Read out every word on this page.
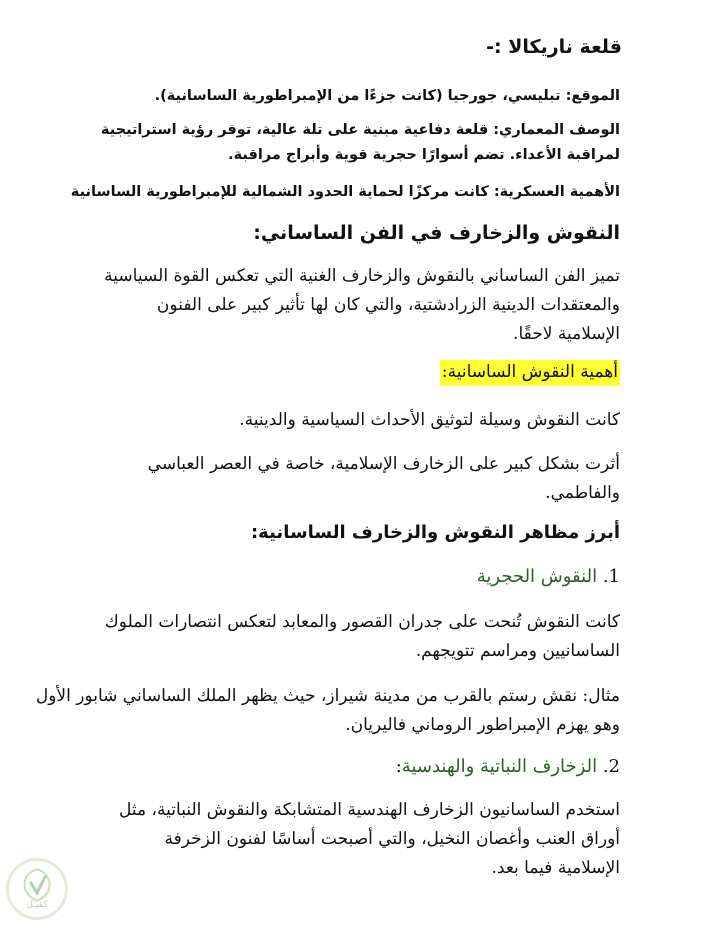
قلعة ناريكالا :-

الموقع: تبليسي، جورجيا (كانت جزءًا من الإمبراطورية الساسانية).

الوصف المعماري: قلعة دفاعية مبنية على تلة عالية، توفر رؤية استراتيجية لمراقبة الأعداء. تضم أسوارًا حجرية قوية وأبراج مراقبة.

الأهمية العسكرية: كانت مركزًا لحماية الحدود الشمالية للإمبراطورية الساسانية

النقوش والزخارف في الفن الساساني:

تميز الفن الساساني بالنقوش والزخارف الغنية التي تعكس القوة السياسية والمعتقدات الدينية الزرادشتية، والتي كان لها تأثير كبير على الفنون الإسلامية لاحقًا.

أهمية النقوش الساسانية:

كانت النقوش وسيلة لتوثيق الأحداث السياسية والدينية.

أثرت بشكل كبير على الزخارف الإسلامية، خاصة في العصر العباسي والفاطمي.

أبرز مظاهر النقوش والزخارف الساسانية:

1. النقوش الحجرية

كانت النقوش تُنحت على جدران القصور والمعابد لتعكس انتصارات الملوك الساسانيين ومراسم تتويجهم.

مثال: نقش رستم بالقرب من مدينة شيراز، حيث يظهر الملك الساساني شابور الأول وهو يهزم الإمبراطور الروماني فاليريان.

2. الزخارف النباتية والهندسية:

استخدم الساسانيون الزخارف الهندسية المتشابكة والنقوش النباتية، مثل أوراق العنب وأغصان النخيل، والتي أصبحت أساسًا لفنون الزخرفة الإسلامية فيما بعد.

كفيـل
